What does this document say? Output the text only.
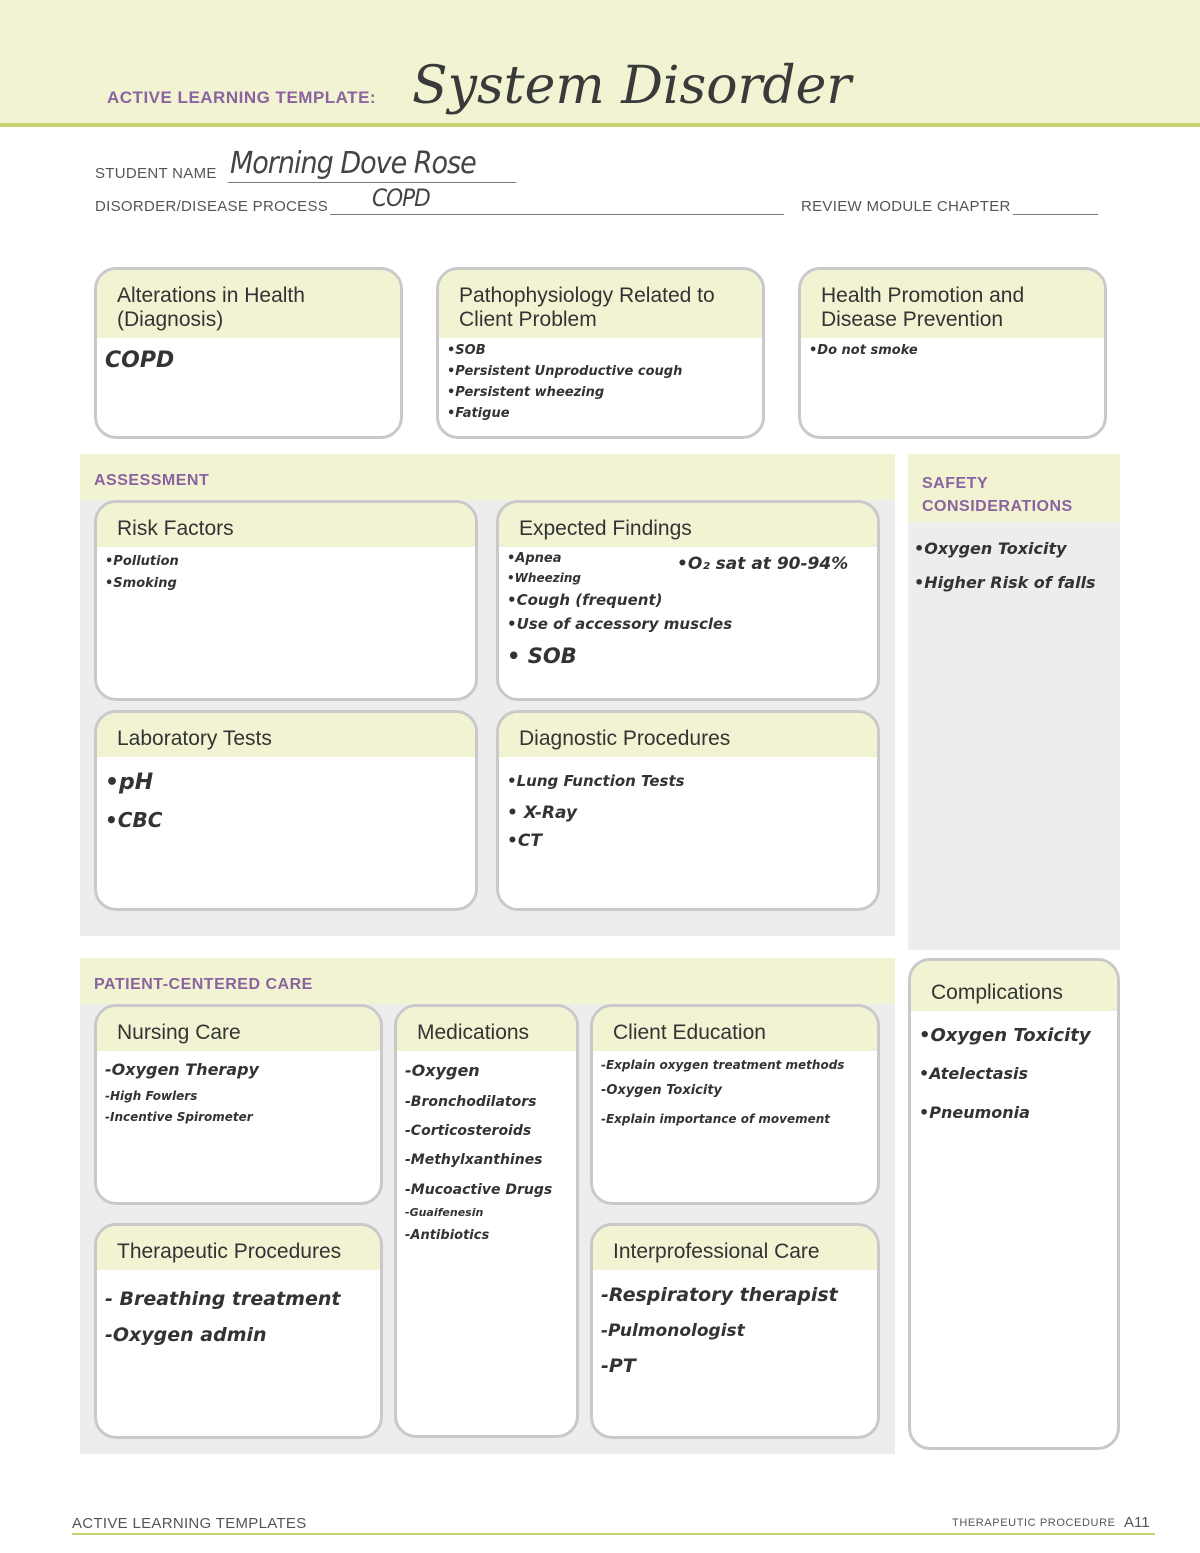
ACTIVE LEARNING TEMPLATE: System Disorder
STUDENT NAME Morning Dove Rose
DISORDER/DISEASE PROCESS COPD	REVIEW MODULE CHAPTER
Alterations in Health (Diagnosis)
COPD
Pathophysiology Related to Client Problem
•SOB
•Persistent Unproductive cough
•Persistent wheezing
•Fatigue
Health Promotion and Disease Prevention
•Do not smoke
ASSESSMENT
Risk Factors
•Pollution
•Smoking
Expected Findings
•Apnea
•Wheezing
•Cough (frequent)
•Use of accessory muscles
• SOB
•O₂ sat at 90-94%
Laboratory Tests
•pH
•CBC
Diagnostic Procedures
•Lung Function Tests
• X-Ray
•CT
SAFETY CONSIDERATIONS
•Oxygen Toxicity
•Higher Risk of falls
PATIENT-CENTERED CARE
Nursing Care
-Oxygen Therapy
-High Fowlers
-Incentive Spirometer
Medications
-Oxygen
-Bronchodilators
-Corticosteroids
-Methylxanthines
-Mucoactive Drugs
-Guaifenesin
-Antibiotics
Client Education
-Explain oxygen treatment methods
-Oxygen Toxicity
-Explain importance of movement
Therapeutic Procedures
- Breathing treatment
-Oxygen admin
Interprofessional Care
-Respiratory therapist
-Pulmonologist
-PT
Complications
•Oxygen Toxicity
•Atelectasis
•Pneumonia
ACTIVE LEARNING TEMPLATES	THERAPEUTIC PROCEDURE A11
